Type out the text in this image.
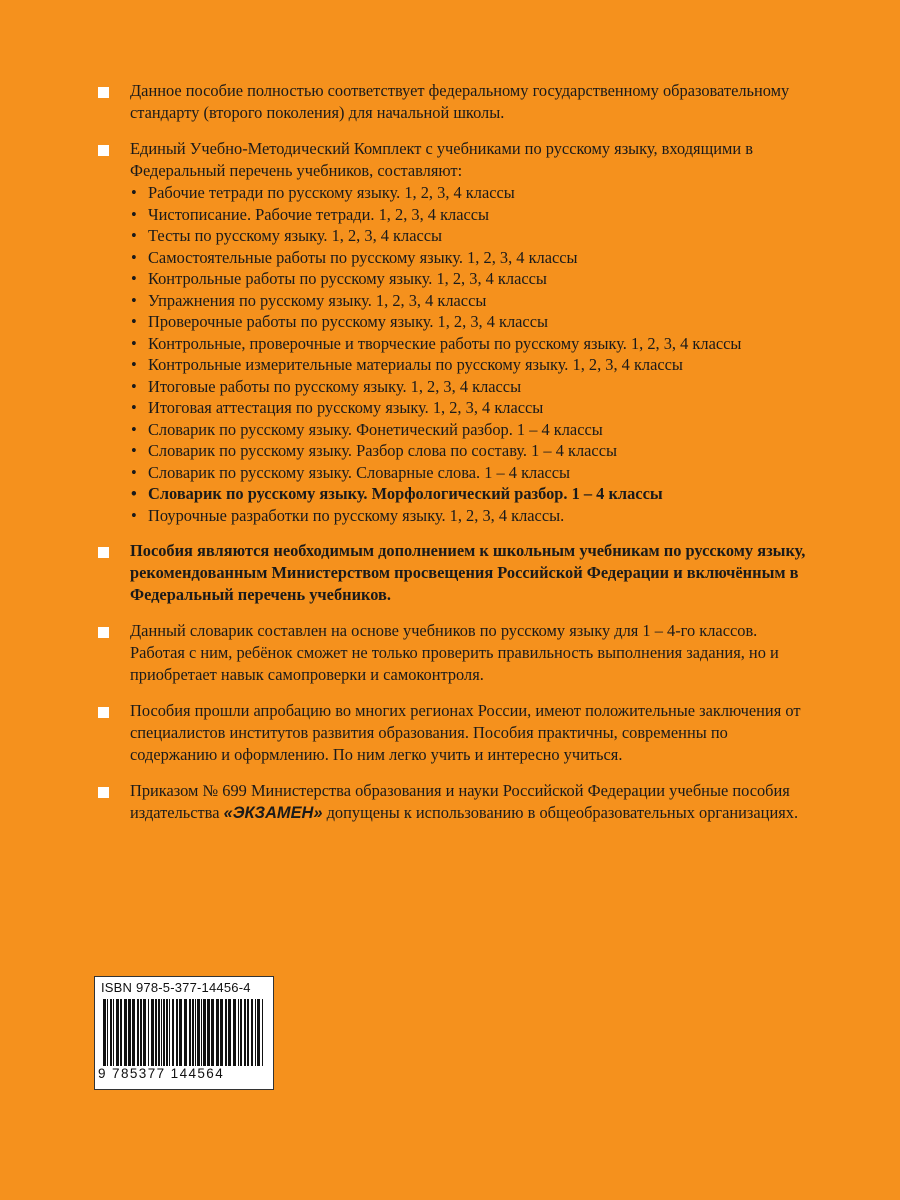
Данное пособие полностью соответствует федеральному государственному образовательному стандарту (второго поколения) для начальной школы.
Единый Учебно-Методический Комплект с учебниками по русскому языку, входящими в Федеральный перечень учебников, составляют:
• Рабочие тетради по русскому языку. 1, 2, 3, 4 классы
• Чистописание. Рабочие тетради. 1, 2, 3, 4 классы
• Тесты по русскому языку. 1, 2, 3, 4 классы
• Самостоятельные работы по русскому языку. 1, 2, 3, 4 классы
• Контрольные работы по русскому языку. 1, 2, 3, 4 классы
• Упражнения по русскому языку. 1, 2, 3, 4 классы
• Проверочные работы по русскому языку. 1, 2, 3, 4 классы
• Контрольные, проверочные и творческие работы по русскому языку. 1, 2, 3, 4 классы
• Контрольные измерительные материалы по русскому языку. 1, 2, 3, 4 классы
• Итоговые работы по русскому языку. 1, 2, 3, 4 классы
• Итоговая аттестация по русскому языку. 1, 2, 3, 4 классы
• Словарик по русскому языку. Фонетический разбор. 1 – 4 классы
• Словарик по русскому языку. Разбор слова по составу. 1 – 4 классы
• Словарик по русскому языку. Словарные слова. 1 – 4 классы
• Словарик по русскому языку. Морфологический разбор. 1 – 4 классы
• Поурочные разработки по русскому языку. 1, 2, 3, 4 классы.
Пособия являются необходимым дополнением к школьным учебникам по русскому языку, рекомендованным Министерством просвещения Российской Федерации и включённым в Федеральный перечень учебников.
Данный словарик составлен на основе учебников по русскому языку для 1 – 4-го классов. Работая с ним, ребёнок сможет не только проверить правильность выполнения задания, но и приобретает навык самопроверки и самоконтроля.
Пособия прошли апробацию во многих регионах России, имеют положительные заключения от специалистов институтов развития образования. Пособия практичны, современны по содержанию и оформлению. По ним легко учить и интересно учиться.
Приказом № 699 Министерства образования и науки Российской Федерации учебные пособия издательства «ЭКЗАМЕН» допущены к использованию в общеобразовательных организациях.
ISBN 978-5-377-14456-4
9 785377 144564
